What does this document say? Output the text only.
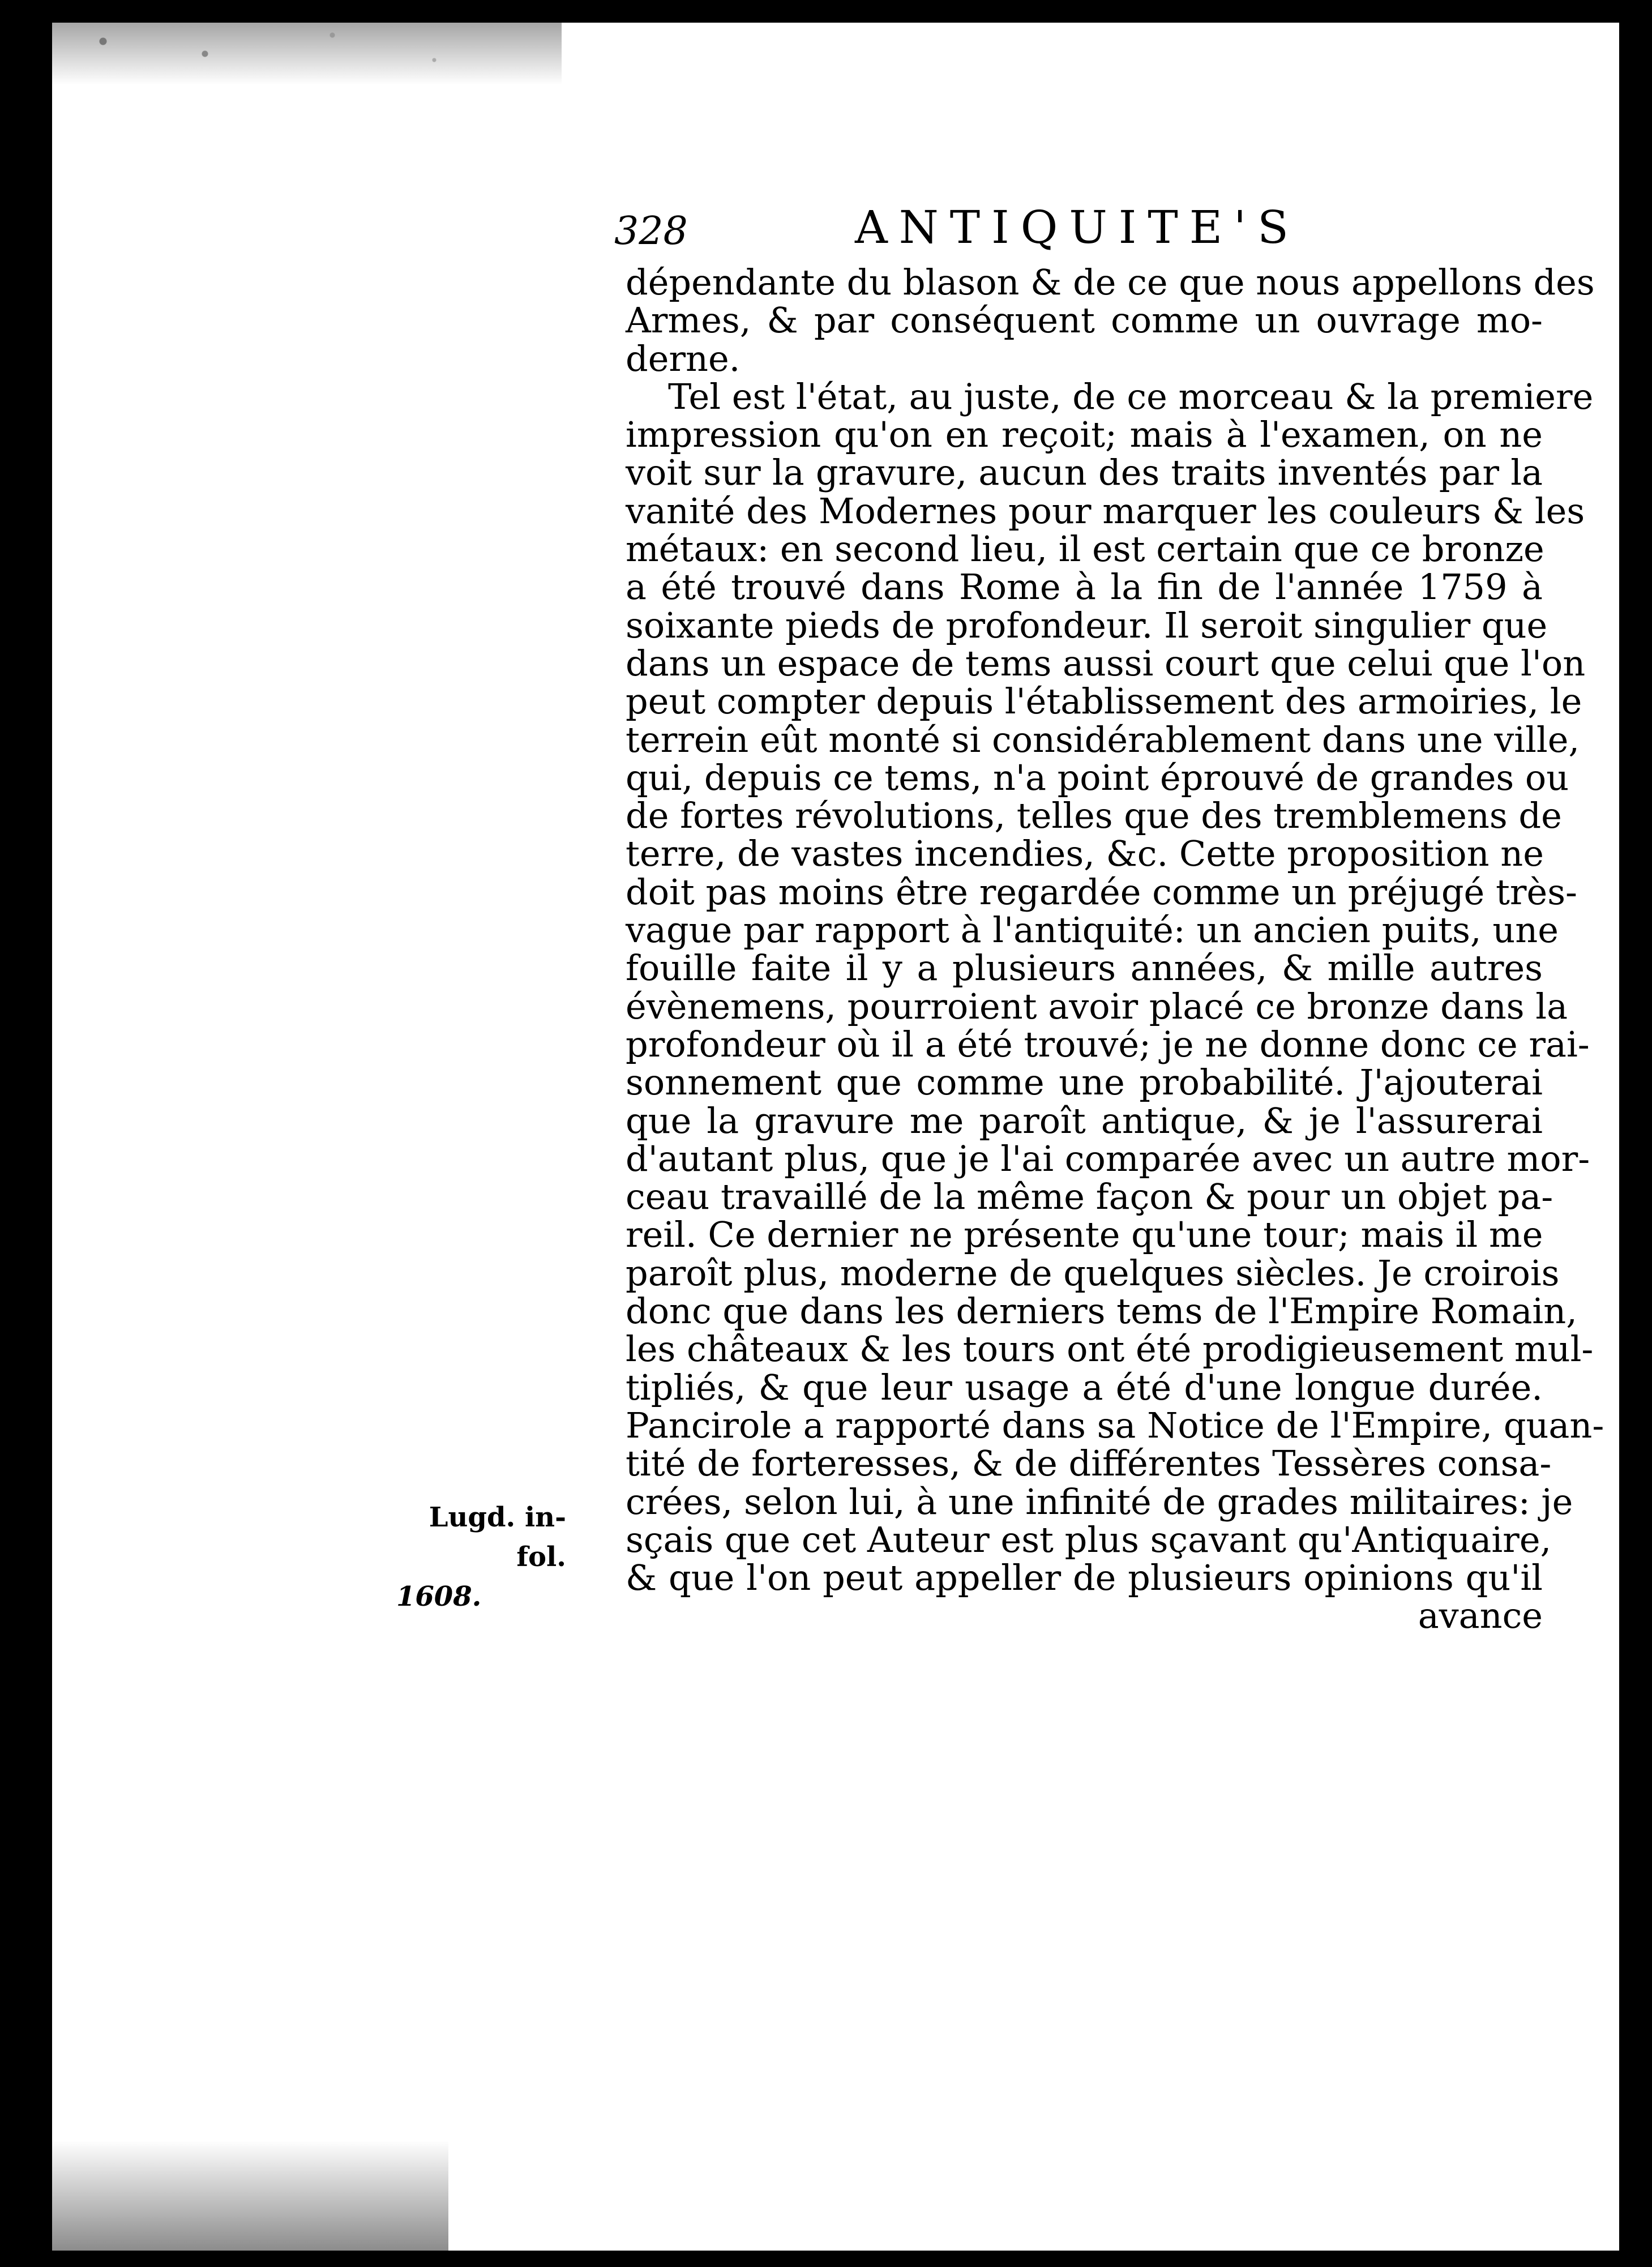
328	ANTIQUITE'S
Lugd. in-fol.
1608.
dépendante du blason & de ce que nous appellons des
Armes, & par conséquent comme un ouvrage mo-
derne.
Tel est l'état, au juste, de ce morceau & la premiere
impression qu'on en reçoit; mais à l'examen, on ne
voit sur la gravure, aucun des traits inventés par la
vanité des Modernes pour marquer les couleurs & les
métaux: en second lieu, il est certain que ce bronze
a été trouvé dans Rome à la fin de l'année 1759 à
soixante pieds de profondeur. Il seroit singulier que
dans un espace de tems aussi court que celui que l'on
peut compter depuis l'établissement des armoiries, le
terrein eût monté si considérablement dans une ville,
qui, depuis ce tems, n'a point éprouvé de grandes ou
de fortes révolutions, telles que des tremblemens de
terre, de vastes incendies, &c. Cette proposition ne
doit pas moins être regardée comme un préjugé très-
vague par rapport à l'antiquité: un ancien puits, une
fouille faite il y a plusieurs années, & mille autres
évènemens, pourroient avoir placé ce bronze dans la
profondeur où il a été trouvé; je ne donne donc ce rai-
sonnement que comme une probabilité. J'ajouterai
que la gravure me paroît antique, & je l'assurerai
d'autant plus, que je l'ai comparée avec un autre mor-
ceau travaillé de la même façon & pour un objet pa-
reil. Ce dernier ne présente qu'une tour; mais il me
paroît plus, moderne de quelques siècles. Je croirois
donc que dans les derniers tems de l'Empire Romain,
les châteaux & les tours ont été prodigieusement mul-
tipliés, & que leur usage a été d'une longue durée.
Pancirole a rapporté dans sa Notice de l'Empire, quan-
tité de forteresses, & de différentes Tessères consa-
crées, selon lui, à une infinité de grades militaires: je
sçais que cet Auteur est plus sçavant qu'Antiquaire,
& que l'on peut appeller de plusieurs opinions qu'il
avance
